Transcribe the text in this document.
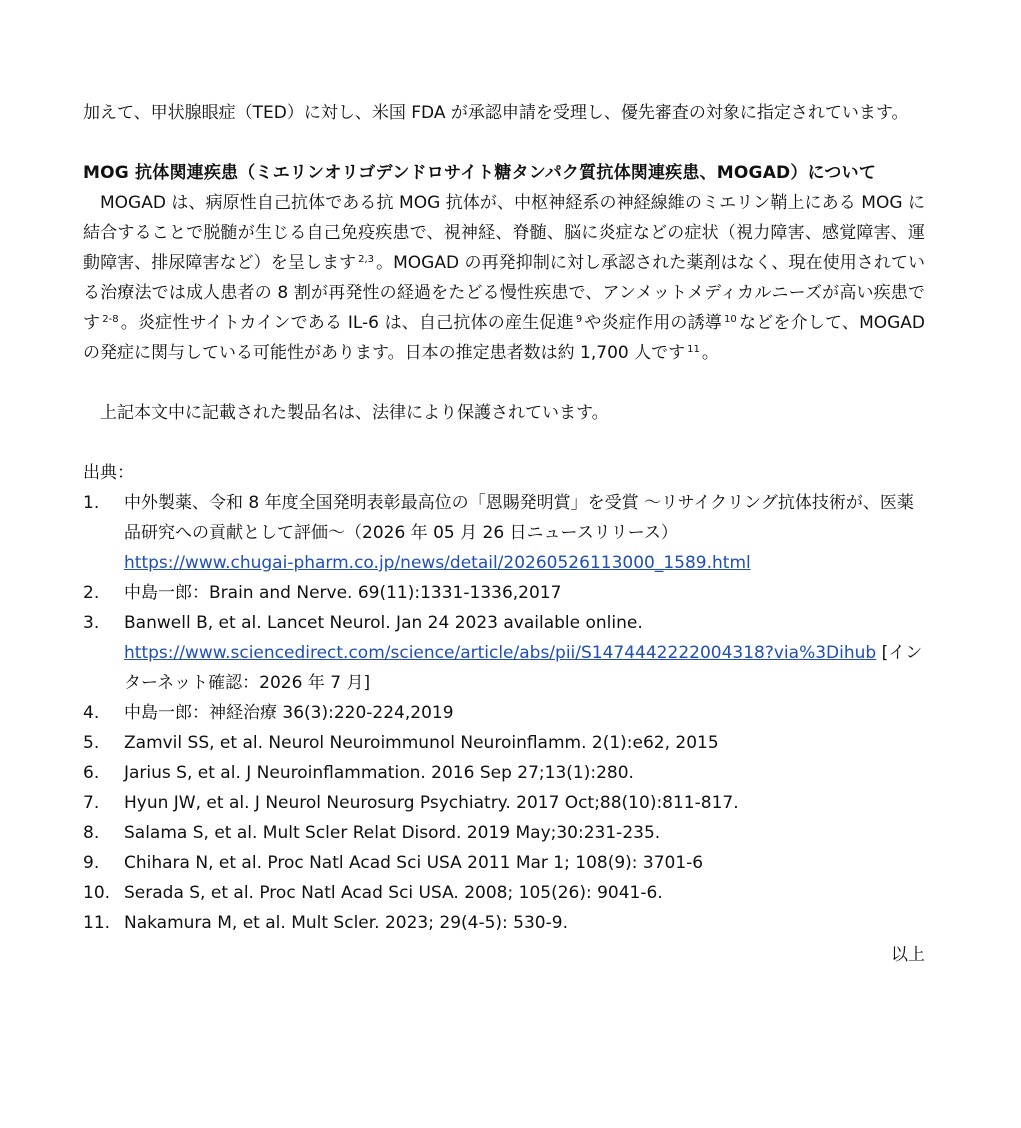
加えて、甲状腺眼症（TED）に対し、米国 FDA が承認申請を受理し、優先審査の対象に指定されています。

MOG 抗体関連疾患（ミエリンオリゴデンドロサイト糖タンパク質抗体関連疾患、MOGAD）について

MOGAD は、病原性自己抗体である抗 MOG 抗体が、中枢神経系の神経線維のミエリン鞘上にある MOG に結合することで脱髄が生じる自己免疫疾患で、視神経、脊髄、脳に炎症などの症状（視力障害、感覚障害、運動障害、排尿障害など）を呈します $^{2,3}$ 。MOGAD の再発抑制に対し承認された薬剤はなく、現在使用されている治療法では成人患者の 8 割が再発性の経過をたどる慢性疾患で、アンメットメディカルニーズが高い疾患です $^{2-8}$ 。炎症性サイトカインである IL-6 は、自己抗体の産生促進 $^9$ や炎症作用の誘導 $^{10}$ などを介して、MOGAD の発症に関与している可能性があります。日本の推定患者数は約 1,700 人です $^{11}$ 。

上記本文中に記載された製品名は、法律により保護されています。

出典：

1. 中外製薬、令和 8 年度全国発明表彰最高位の「恩賜発明賞」を受賞 ～リサイクリング抗体技術が、医薬品研究への貢献として評価～（2026 年 05 月 26 日ニュースリリース）
https://www.chugai-pharm.co.jp/news/detail/20260526113000_1589.html
2. 中島一郎：Brain and Nerve. 69(11):1331-1336,2017
3. Banwell B, et al. Lancet Neurol. Jan 24 2023 available online.
https://www.sciencedirect.com/science/article/abs/pii/S1474442222004318?via%3Dihub [インターネット確認：2026 年 7 月]
4. 中島一郎：神経治療 36(3):220-224,2019
5. Zamvil SS, et al. Neurol Neuroimmunol Neuroinflamm. 2(1):e62, 2015
6. Jarius S, et al. J Neuroinflammation. 2016 Sep 27;13(1):280.
7. Hyun JW, et al. J Neurol Neurosurg Psychiatry. 2017 Oct;88(10):811-817.
8. Salama S, et al. Mult Scler Relat Disord. 2019 May;30:231-235.
9. Chihara N, et al. Proc Natl Acad Sci USA 2011 Mar 1; 108(9): 3701-6
10. Serada S, et al. Proc Natl Acad Sci USA. 2008; 105(26): 9041-6.
11. Nakamura M, et al. Mult Scler. 2023; 29(4-5): 530-9.

以上
